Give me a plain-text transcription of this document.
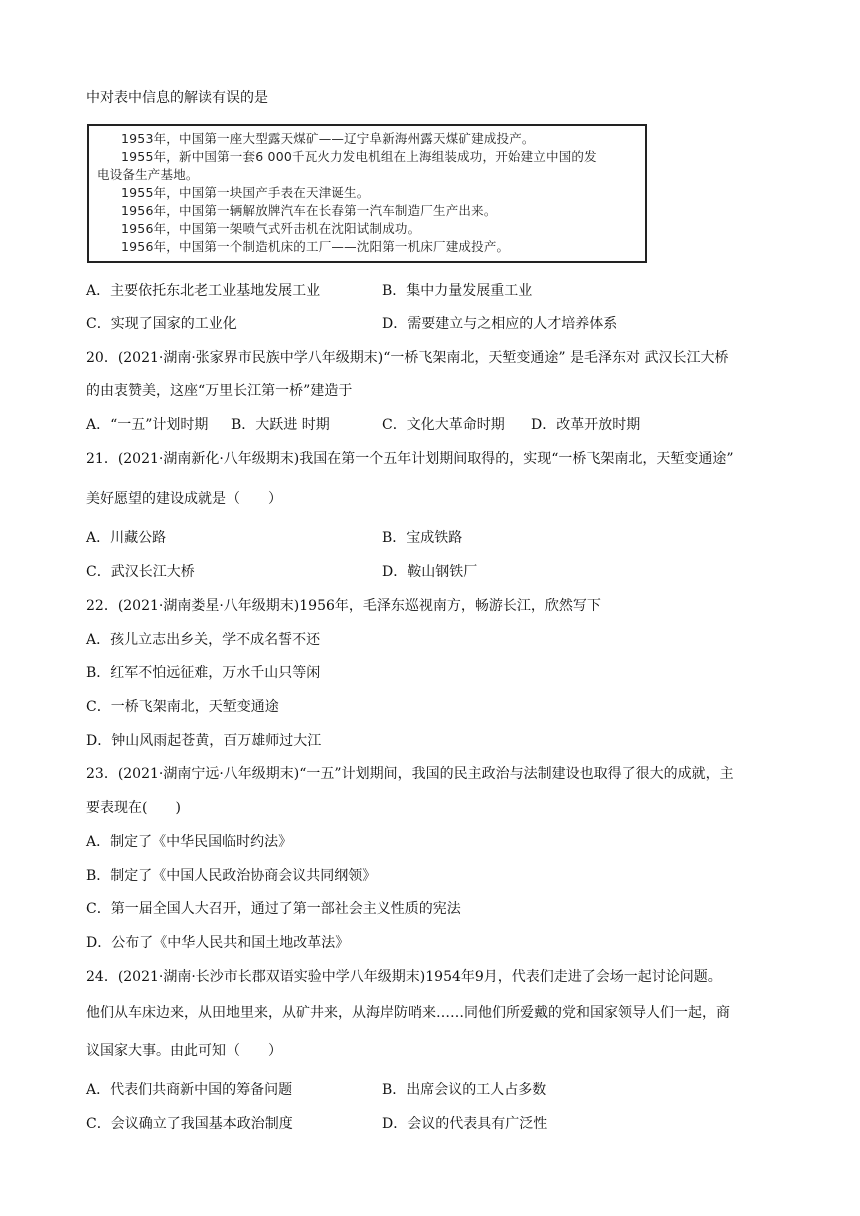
中对表中信息的解读有误的是
1953年，中国第一座大型露天煤矿——辽宁阜新海州露天煤矿建成投产。
1955年，新中国第一套6 000千瓦火力发电机组在上海组装成功，开始建立中国的发
电设备生产基地。
1955年，中国第一块国产手表在天津诞生。
1956年，中国第一辆解放牌汽车在长春第一汽车制造厂生产出来。
1956年，中国第一架喷气式歼击机在沈阳试制成功。
1956年，中国第一个制造机床的工厂——沈阳第一机床厂建成投产。
A．主要依托东北老工业基地发展工业	B．集中力量发展重工业
C．实现了国家的工业化	D．需要建立与之相应的人才培养体系
20．(2021·湖南·张家界市民族中学八年级期末)“一桥飞架南北，天堑变通途” 是毛泽东对 武汉长江大桥
的由衷赞美，这座“万里长江第一桥”建造于
A．“一五”计划时期 B．大跃进 时期	C．文化大革命时期 D．改革开放时期
21．(2021·湖南新化·八年级期末)我国在第一个五年计划期间取得的，实现“一桥飞架南北，天堑变通途”
美好愿望的建设成就是（　　）
A．川藏公路	B．宝成铁路
C．武汉长江大桥	D．鞍山钢铁厂
22．(2021·湖南娄星·八年级期末)1956年，毛泽东巡视南方，畅游长江，欣然写下
A．孩儿立志出乡关，学不成名誓不还
B．红军不怕远征难，万水千山只等闲
C．一桥飞架南北，天堑变通途
D．钟山风雨起苍黄，百万雄师过大江
23．(2021·湖南宁远·八年级期末)“一五”计划期间，我国的民主政治与法制建设也取得了很大的成就，主
要表现在(　　)
A．制定了《中华民国临时约法》
B．制定了《中国人民政治协商会议共同纲领》
C．第一届全国人大召开，通过了第一部社会主义性质的宪法
D．公布了《中华人民共和国土地改革法》
24．(2021·湖南·长沙市长郡双语实验中学八年级期末)1954年9月，代表们走进了会场一起讨论问题。
他们从车床边来，从田地里来，从矿井来，从海岸防哨来……同他们所爱戴的党和国家领导人们一起，商
议国家大事。由此可知（　　）
A．代表们共商新中国的筹备问题	B．出席会议的工人占多数
C．会议确立了我国基本政治制度	D．会议的代表具有广泛性
